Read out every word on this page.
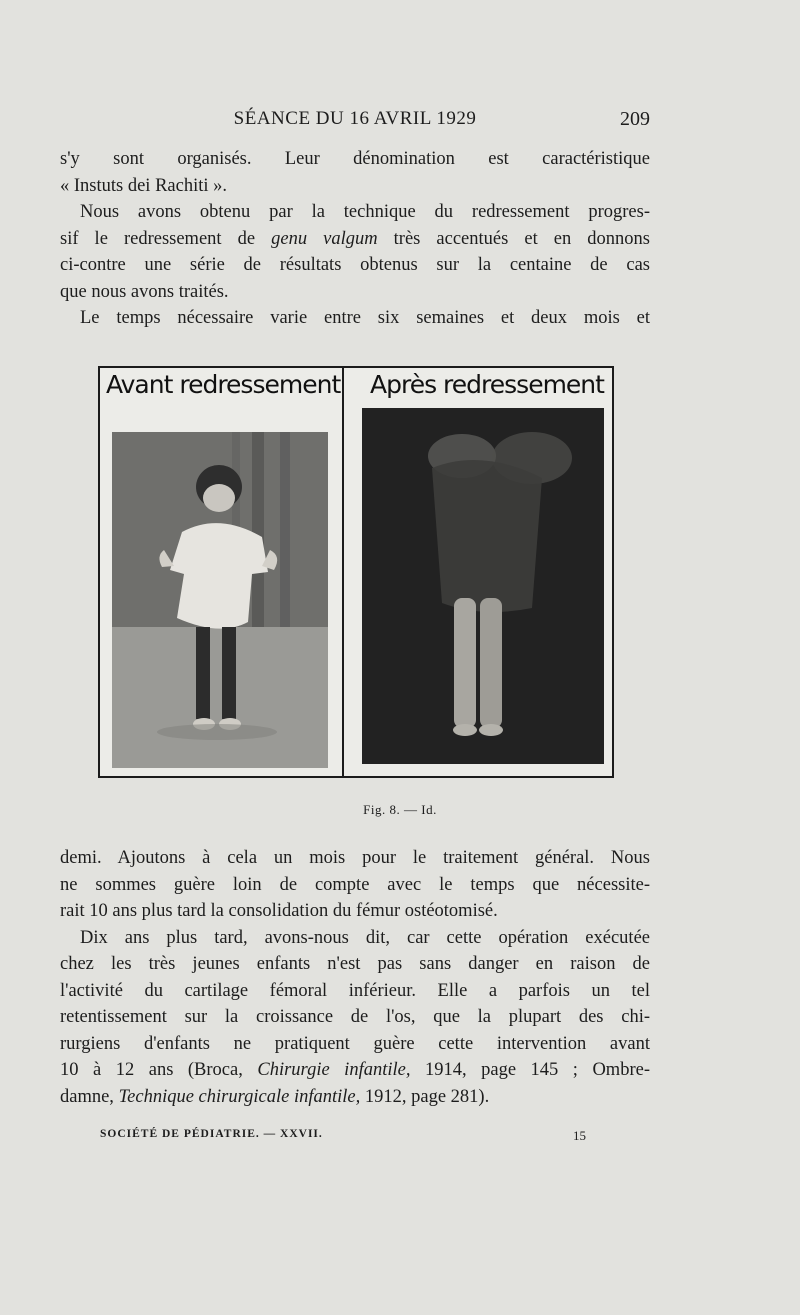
SÉANCE DU 16 AVRIL 1929	209

s'y sont organisés. Leur dénomination est caractéristique

« Instuts dei Rachiti ».

Nous avons obtenu par la technique du redressement progres-

sif le redressement de genu valgum très accentués et en donnons

ci-contre une série de résultats obtenus sur la centaine de cas

que nous avons traités.

Le temps nécessaire varie entre six semaines et deux mois et

Avant redressement Après redressement
Fig. 8. — Id.

demi. Ajoutons à cela un mois pour le traitement général. Nous

ne sommes guère loin de compte avec le temps que nécessite-

rait 10 ans plus tard la consolidation du fémur ostéotomisé.

Dix ans plus tard, avons-nous dit, car cette opération exécutée

chez les très jeunes enfants n'est pas sans danger en raison de

l'activité du cartilage fémoral inférieur. Elle a parfois un tel

retentissement sur la croissance de l'os, que la plupart des chi-

rurgiens d'enfants ne pratiquent guère cette intervention avant

10 à 12 ans (Broca, Chirurgie infantile, 1914, page 145 ; Ombre-

damne, Technique chirurgicale infantile, 1912, page 281).

SOCIÉTÉ DE PÉDIATRIE. — XXVII.	15
